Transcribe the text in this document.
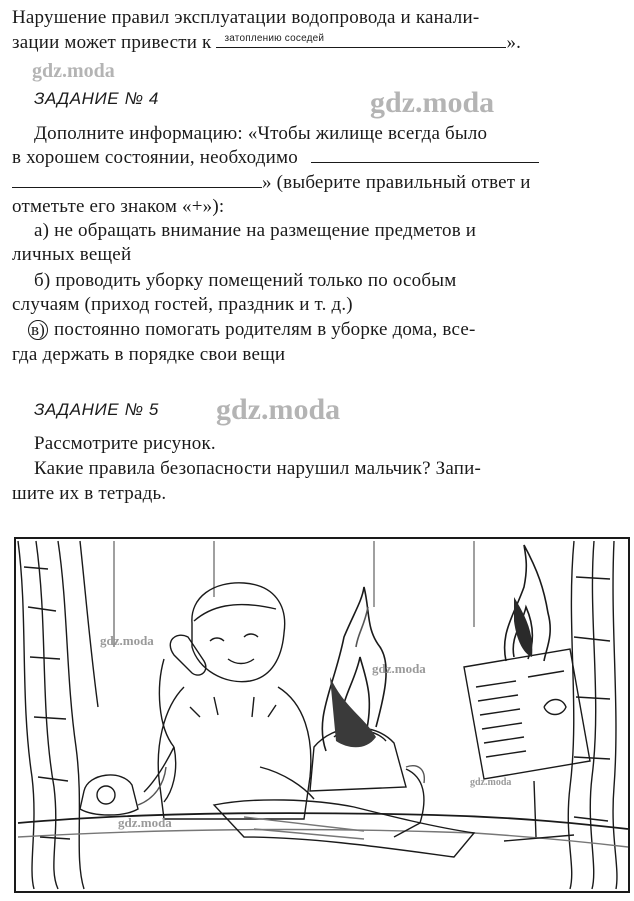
Нарушение правил эксплуатации водопровода и канали-
зации может привести к затоплению соседей	».
ЗАДАНИЕ № 4
Дополните информацию: «Чтобы жилище всегда было
в хорошем состоянии, необходимо
» (выберите правильный ответ и
отметьте его знаком «+»):
а) не обращать внимание на размещение предметов и
личных вещей
б) проводить уборку помещений только по особым
случаям (приход гостей, праздник и т. д.)
в) постоянно помогать родителям в уборке дома, все-
гда держать в порядке свои вещи
ЗАДАНИЕ № 5
Рассмотрите рисунок.
Какие правила безопасности нарушил мальчик? Запи-
шите их в тетрадь.
gdz.moda
gdz.moda
gdz.moda
gdz.moda
gdz.moda
gdz.moda
gdz.moda
